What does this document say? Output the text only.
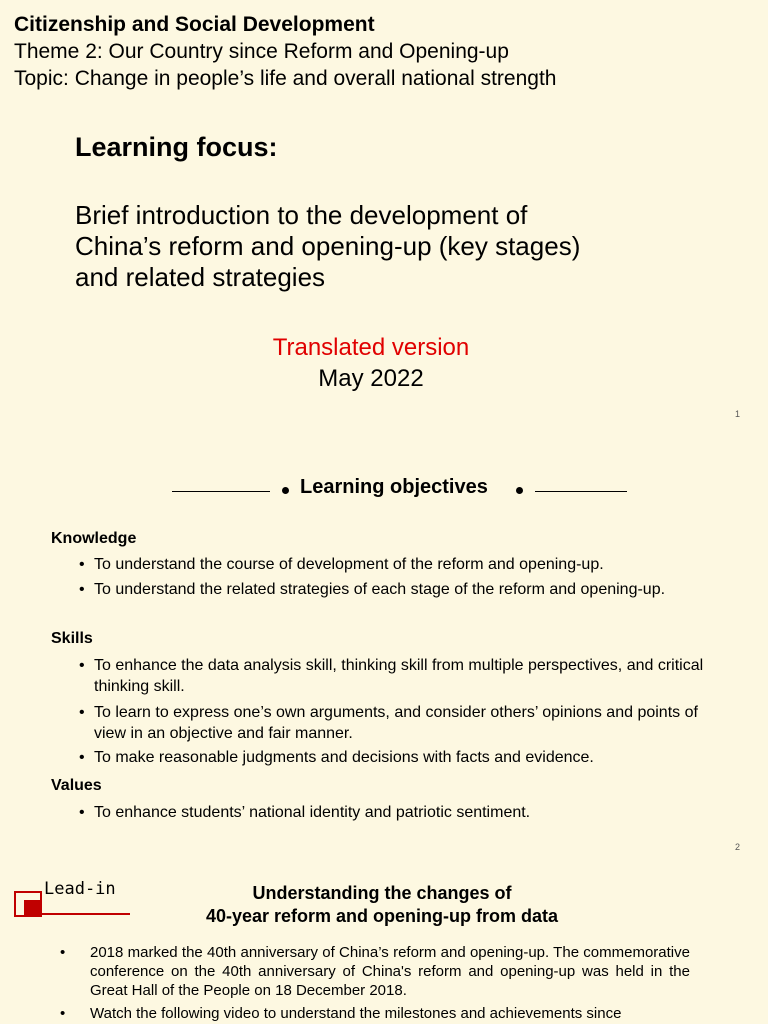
Citizenship and Social Development
Theme 2: Our Country since Reform and Opening-up
Topic: Change in people’s life and overall national strength
Learning focus:
Brief introduction to the development of
China’s reform and opening-up (key stages)
and related strategies
Translated version
May 2022
1
Learning objectives
Knowledge
• To understand the course of development of the reform and opening-up.
• To understand the related strategies of each stage of the reform and opening-up.
Skills
• To enhance the data analysis skill, thinking skill from multiple perspectives, and critical thinking skill.
• To learn to express one’s own arguments, and consider others’ opinions and points of view in an objective and fair manner.
• To make reasonable judgments and decisions with facts and evidence.
Values
• To enhance students’ national identity and patriotic sentiment.
2
Lead-in	Understanding the changes of
40-year reform and opening-up from data
•	2018 marked the 40th anniversary of China’s reform and opening-up. The commemorative conference on the 40th anniversary of China's reform and opening-up was held in the Great Hall of the People on 18 December 2018.
•	Watch the following video to understand the milestones and achievements since
